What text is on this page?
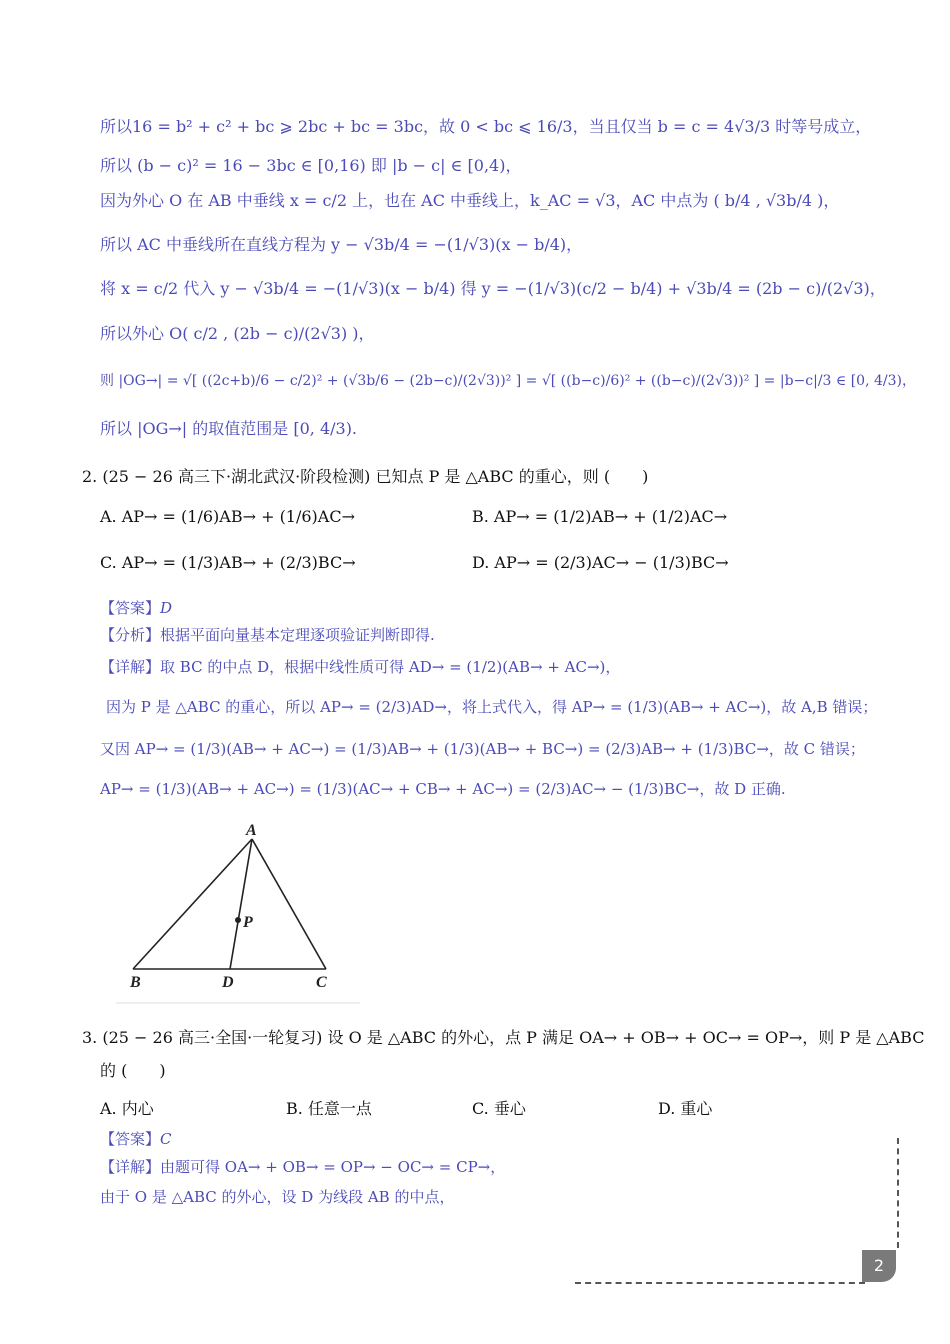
所以16 = b² + c² + bc ⩾ 2bc + bc = 3bc，故 0 < bc ⩽ 16/3，当且仅当 b = c = 4√3/3 时等号成立，
所以 (b − c)² = 16 − 3bc ∈ [0,16) 即 |b − c| ∈ [0,4)，
因为外心 O 在 AB 中垂线 x = c/2 上，也在 AC 中垂线上，k_AC = √3，AC 中点为 ( b/4 , √3b/4 )，
所以 AC 中垂线所在直线方程为 y − √3b/4 = −(1/√3)(x − b/4)，
将 x = c/2 代入 y − √3b/4 = −(1/√3)(x − b/4) 得 y = −(1/√3)(c/2 − b/4) + √3b/4 = (2b − c)/(2√3)，
所以外心 O( c/2 , (2b − c)/(2√3) )，
则 |OG→| = √[ ((2c+b)/6 − c/2)² + (√3b/6 − (2b−c)/(2√3))² ] = √[ ((b−c)/6)² + ((b−c)/(2√3))² ] = |b−c|/3 ∈ [0, 4/3)，
所以 |OG→| 的取值范围是 [0, 4/3).
2. (25 − 26 高三下·湖北武汉·阶段检测) 已知点 P 是 △ABC 的重心，则 (　　)
A. AP→ = (1/6)AB→ + (1/6)AC→	B. AP→ = (1/2)AB→ + (1/2)AC→
C. AP→ = (1/3)AB→ + (2/3)BC→	D. AP→ = (2/3)AC→ − (1/3)BC→
【答案】D
【分析】根据平面向量基本定理逐项验证判断即得.
【详解】取 BC 的中点 D，根据中线性质可得 AD→ = (1/2)(AB→ + AC→)，
因为 P 是 △ABC 的重心，所以 AP→ = (2/3)AD→，将上式代入，得 AP→ = (1/3)(AB→ + AC→)，故 A,B 错误；
又因 AP→ = (1/3)(AB→ + AC→) = (1/3)AB→ + (1/3)(AB→ + BC→) = (2/3)AB→ + (1/3)BC→，故 C 错误；
AP→ = (1/3)(AB→ + AC→) = (1/3)(AC→ + CB→ + AC→) = (2/3)AC→ − (1/3)BC→，故 D 正确.
A
B	C
D
P
3. (25 − 26 高三·全国·一轮复习) 设 O 是 △ABC 的外心，点 P 满足 OA→ + OB→ + OC→ = OP→，则 P 是 △ABC
的 (　　)
A. 内心	B. 任意一点	C. 垂心	D. 重心
【答案】C
【详解】由题可得 OA→ + OB→ = OP→ − OC→ = CP→，
由于 O 是 △ABC 的外心，设 D 为线段 AB 的中点，
2
